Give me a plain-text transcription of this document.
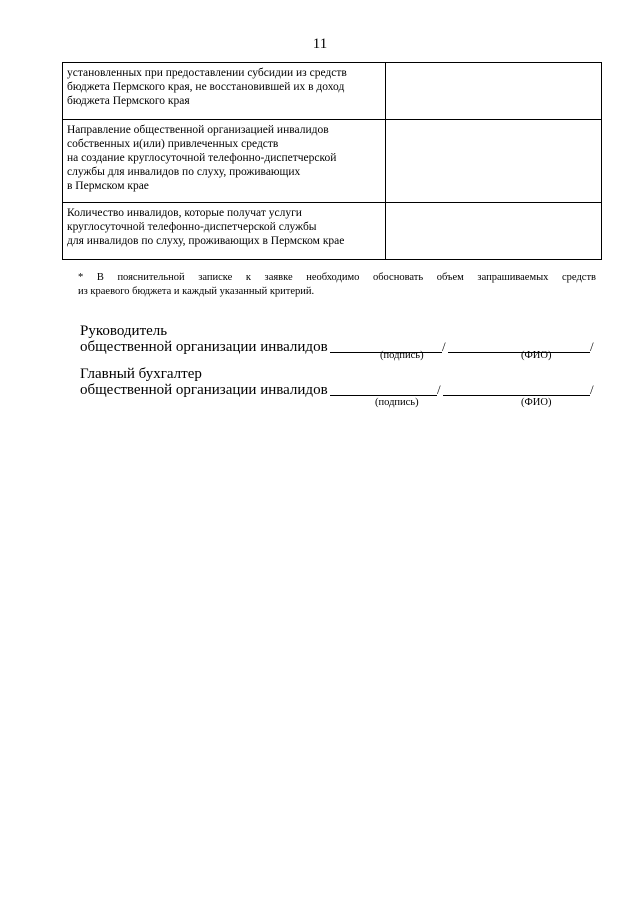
11
установленных при предоставлении субсидии из средств
бюджета Пермского края, не восстановившей их в доход
бюджета Пермского края	

Направление общественной организацией инвалидов
собственных и(или) привлеченных средств
на создание круглосуточной телефонно-диспетчерской
службы для инвалидов по слуху, проживающих
в Пермском крае	

Количество инвалидов, которые получат услуги
круглосуточной телефонно-диспетчерской службы
для инвалидов по слуху, проживающих в Пермском крае	

* В пояснительной записке к заявке необходимо обосновать объем запрашиваемых средств
из краевого бюджета и каждый указанный критерий.
Руководитель
общественной организации инвалидов	/	/
(подпись)	(ФИО)
Главный бухгалтер
общественной организации инвалидов	/	/
(подпись)	(ФИО)
